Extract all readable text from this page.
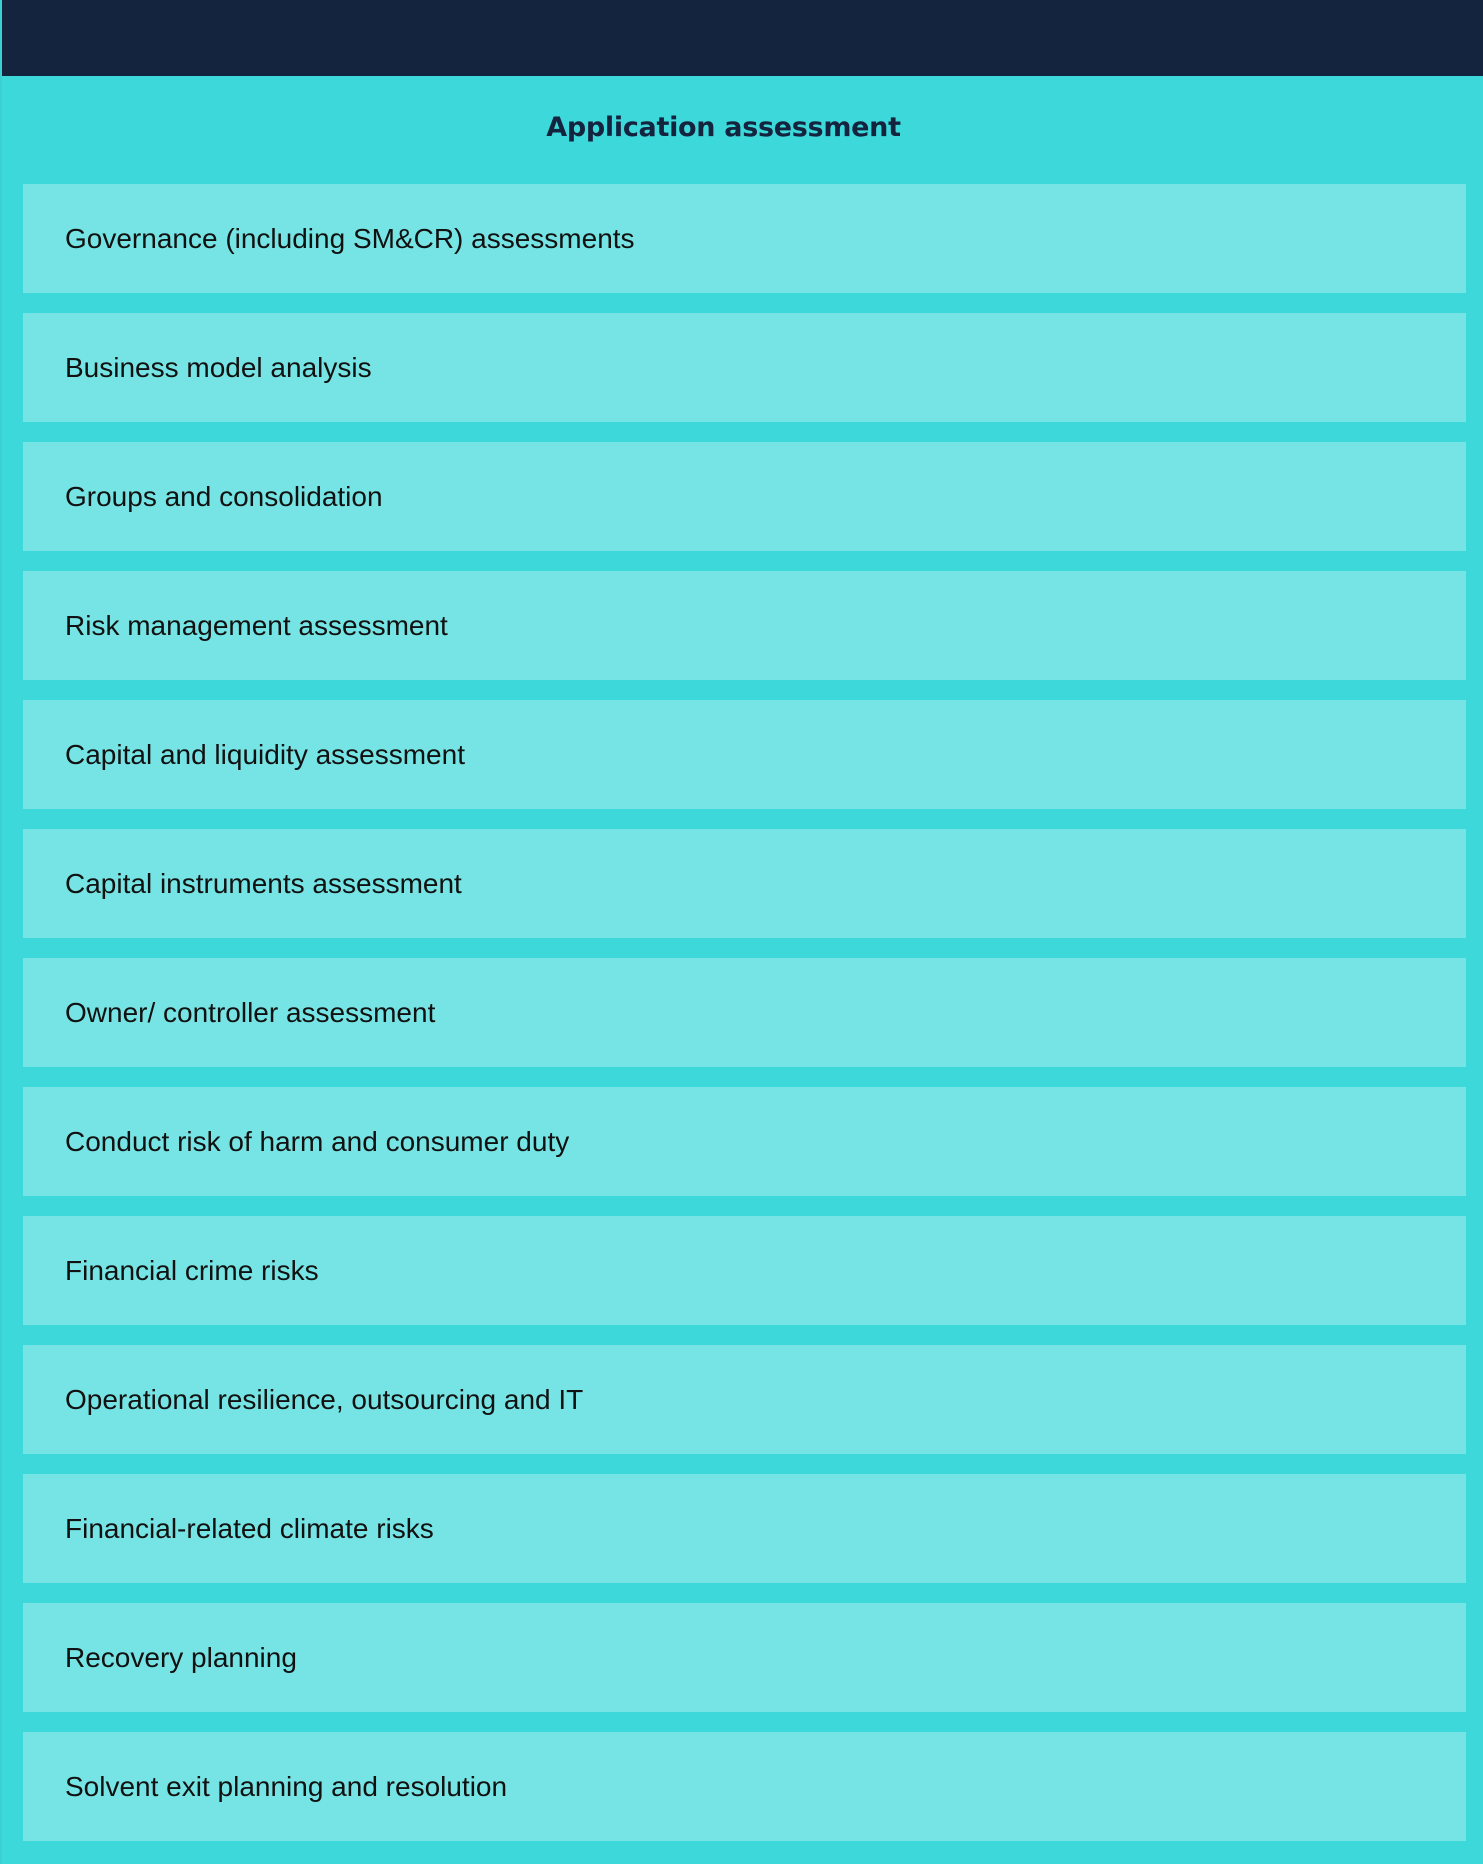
Application assessment
Governance (including SM&CR) assessments
Business model analysis
Groups and consolidation
Risk management assessment
Capital and liquidity assessment
Capital instruments assessment
Owner/ controller assessment
Conduct risk of harm and consumer duty
Financial crime risks
Operational resilience, outsourcing and IT
Financial-related climate risks
Recovery planning
Solvent exit planning and resolution
